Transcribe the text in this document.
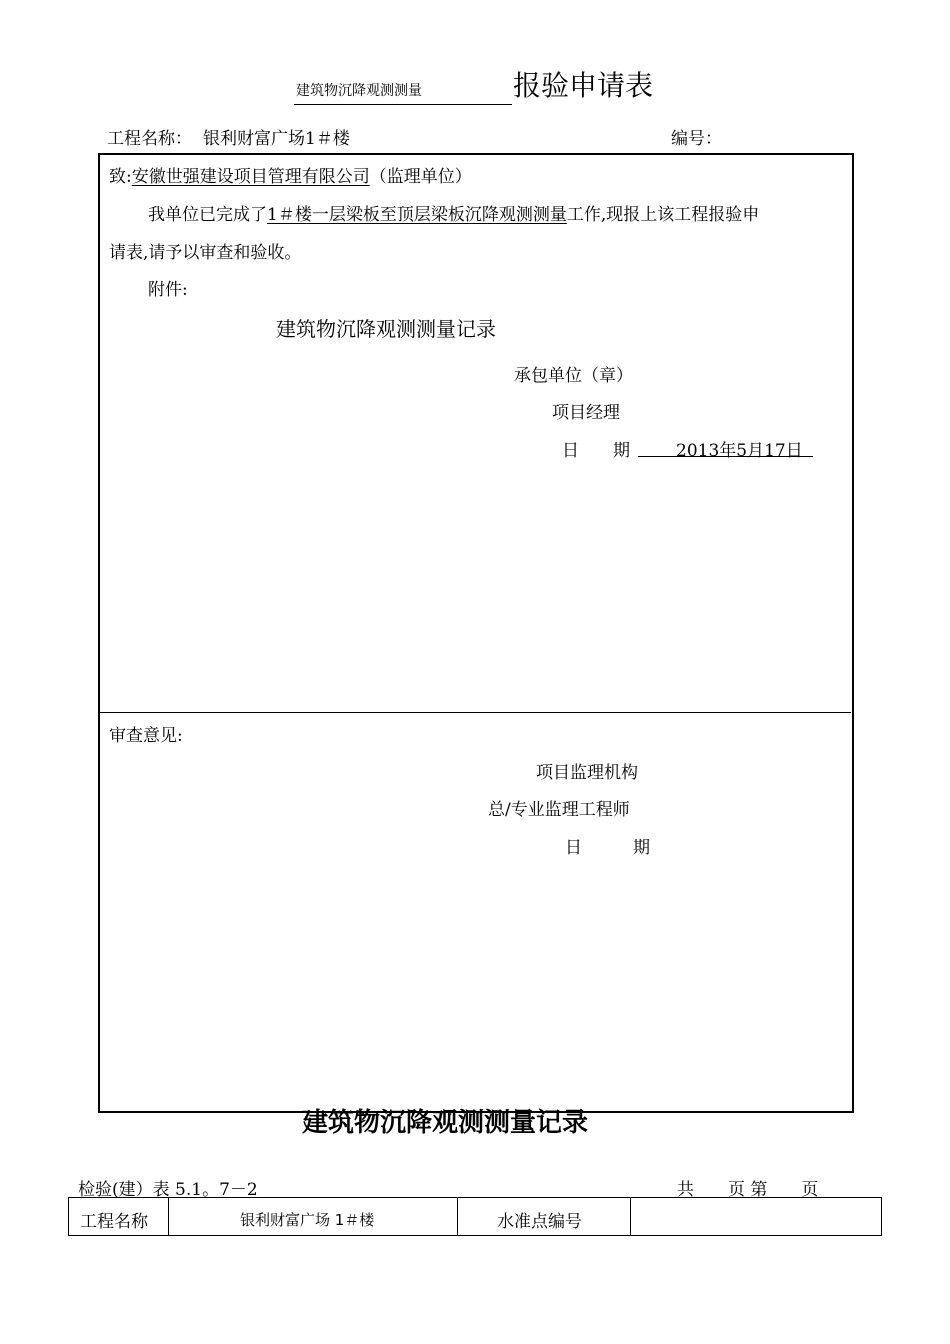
建筑物沉降观测测量	报验申请表
工程名称： 银利财富广场1＃楼	编号：
致:安徽世强建设项目管理有限公司（监理单位）
我单位已完成了1＃楼一层梁板至顶层梁板沉降观测测量工作,现报上该工程报验申
请表,请予以审查和验收。
附件:
建筑物沉降观测测量记录
承包单位（章）
项目经理
日　　期	2013年5月17日
审查意见:
项目监理机构
总/专业监理工程师
日　　　期
建筑物沉降观测测量记录
检验(建）表 5.1。7－2	共　　页 第　　页
工程名称	银利财富广场 1＃楼	水准点编号
